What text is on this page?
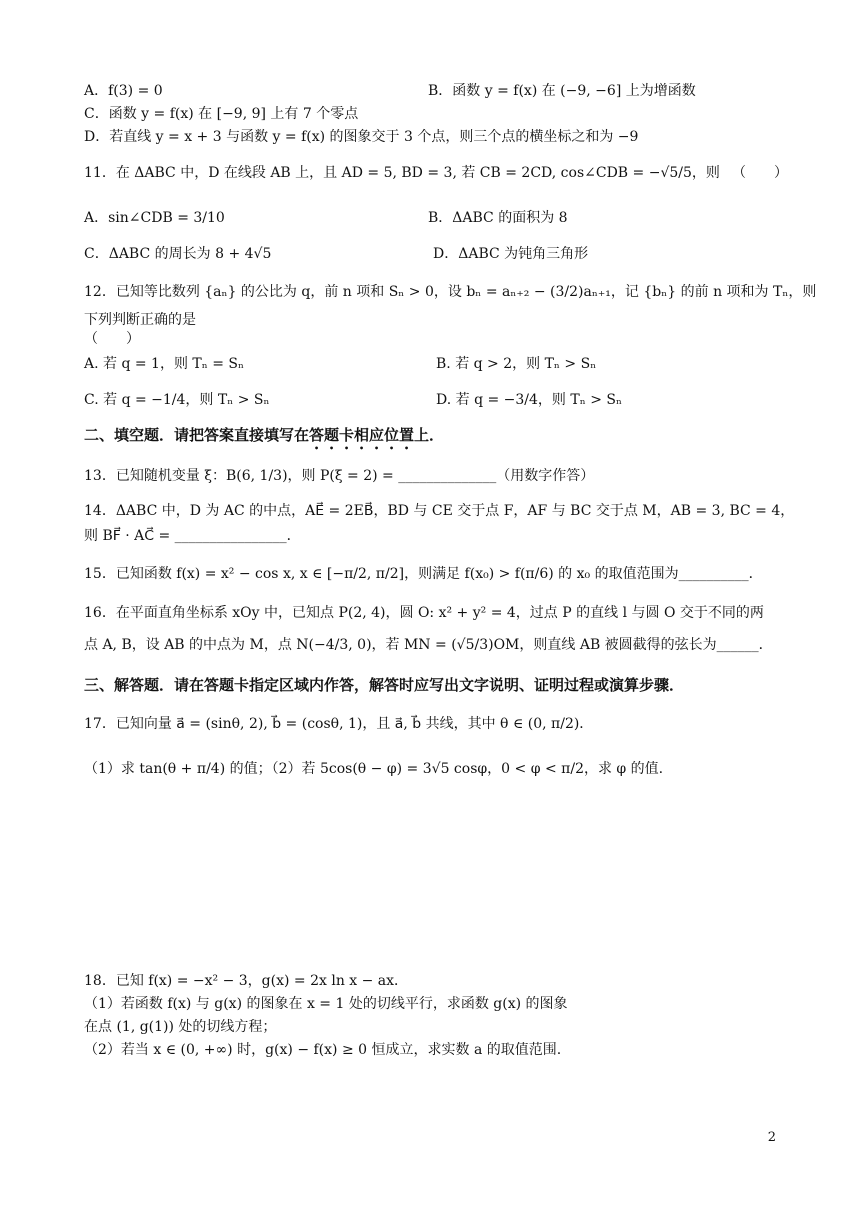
A．f(3) = 0	B．函数 y = f(x) 在 (−9, −6] 上为增函数
C．函数 y = f(x) 在 [−9, 9] 上有 7 个零点
D．若直线 y = x + 3 与函数 y = f(x) 的图象交于 3 个点，则三个点的横坐标之和为 −9
11．在 ΔABC 中，D 在线段 AB 上，且 AD = 5, BD = 3, 若 CB = 2CD, cos∠CDB = −√5/5，则 （　　）
A．sin∠CDB = 3/10	B．ΔABC 的面积为 8
C．ΔABC 的周长为 8 + 4√5	D．ΔABC 为钝角三角形
12．已知等比数列 {aₙ} 的公比为 q，前 n 项和 Sₙ > 0，设 bₙ = aₙ₊₂ − (3/2)aₙ₊₁，记 {bₙ} 的前 n 项和为 Tₙ，则
下列判断正确的是
（　　）
A. 若 q = 1，则 Tₙ = Sₙ	B. 若 q > 2，则 Tₙ > Sₙ
C. 若 q = −1/4，则 Tₙ > Sₙ	D. 若 q = −3/4，则 Tₙ > Sₙ
二、填空题．请把答案直接填写在答题卡相应位置上．
13．已知随机变量 ξ：B(6, 1/3)，则 P(ξ = 2) = ______________（用数字作答）
14．ΔABC 中，D 为 AC 的中点，AE⃗ = 2EB⃗，BD 与 CE 交于点 F，AF 与 BC 交于点 M，AB = 3, BC = 4，
则 BF⃗ · AC⃗ = ________________．
15．已知函数 f(x) = x² − cos x, x ∈ [−π/2, π/2]，则满足 f(x₀) > f(π/6) 的 x₀ 的取值范围为__________．
16．在平面直角坐标系 xOy 中，已知点 P(2, 4)，圆 O: x² + y² = 4，过点 P 的直线 l 与圆 O 交于不同的两
点 A, B，设 AB 的中点为 M，点 N(−4/3, 0)，若 MN = (√5/3)OM，则直线 AB 被圆截得的弦长为______．
三、解答题．请在答题卡指定区域内作答，解答时应写出文字说明、证明过程或演算步骤．
17．已知向量 a⃗ = (sinθ, 2), b⃗ = (cosθ, 1)，且 a⃗, b⃗ 共线，其中 θ ∈ (0, π/2)．
（1）求 tan(θ + π/4) 的值；（2）若 5cos(θ − φ) = 3√5 cosφ，0 < φ < π/2，求 φ 的值.
18．已知 f(x) = −x² − 3，g(x) = 2x ln x − ax．
（1）若函数 f(x) 与 g(x) 的图象在 x = 1 处的切线平行，求函数 g(x) 的图象
在点 (1, g(1)) 处的切线方程；
（2）若当 x ∈ (0, +∞) 时，g(x) − f(x) ≥ 0 恒成立，求实数 a 的取值范围.
2
